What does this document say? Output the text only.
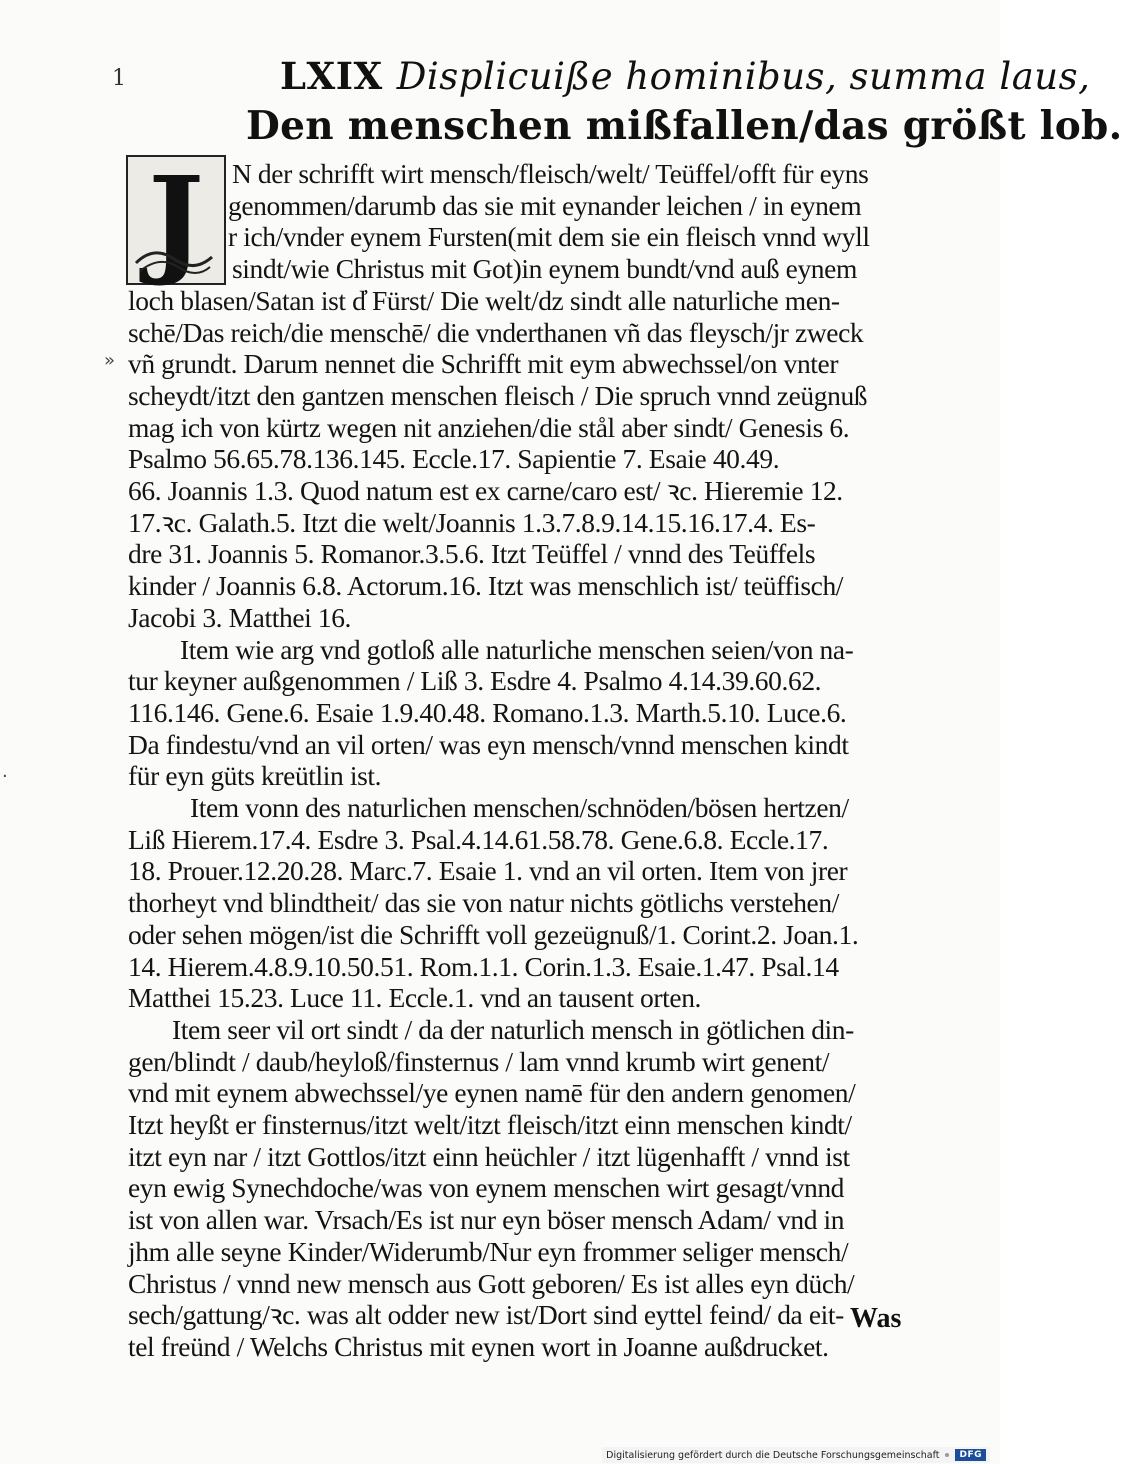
1	LXIX Displicuiße hominibus, summa laus,
Den menschen mißfallen/das größt lob.
J	N der schrifft wirt mensch/fleisch/welt/ Teüffel/offt für eyns
genommen/darumb das sie mit eynander leichen / in eynem
r ich/vnder eynem Fursten(mit dem sie ein fleisch vnnd wyll
sindt/wie Christus mit Got)in eynem bundt/vnd auß eynem
loch blasen/Satan ist d̓ Fürst/ Die welt/dz sindt alle naturliche men-
schē/Das reich/die menschē/ die vnderthanen vñ das fleysch/jr zweck
vñ grundt. Darum nennet die Schrifft mit eym abwechssel/on vnter
scheydt/itzt den gantzen menschen fleisch / Die spruch vnnd zeügnuß
mag ich von kürtz wegen nit anziehen/die stål aber sindt/ Genesis 6.
Psalmo 56.65.78.136.145. Eccle.17. Sapientie 7. Esaie 40.49.
66. Joannis 1.3. Quod natum est ex carne/caro est/ ꝛc. Hieremie 12.
17.ꝛc. Galath.5. Itzt die welt/Joannis 1.3.7.8.9.14.15.16.17.4. Es-
dre 31. Joannis 5. Romanor.3.5.6. Itzt Teüffel / vnnd des Teüffels
kinder / Joannis 6.8. Actorum.16. Itzt was menschlich ist/ teüffisch/
Jacobi 3. Matthei 16.
Item wie arg vnd gotloß alle naturliche menschen seien/von na-
tur keyner außgenommen / Liß 3. Esdre 4. Psalmo 4.14.39.60.62.
116.146. Gene.6. Esaie 1.9.40.48. Romano.1.3. Marth.5.10. Luce.6.
Da findestu/vnd an vil orten/ was eyn mensch/vnnd menschen kindt
für eyn güts kreütlin ist.
Item vonn des naturlichen menschen/schnöden/bösen hertzen/
Liß Hierem.17.4. Esdre 3. Psal.4.14.61.58.78. Gene.6.8. Eccle.17.
18. Prouer.12.20.28. Marc.7. Esaie 1. vnd an vil orten. Item von jrer
thorheyt vnd blindtheit/ das sie von natur nichts götlichs verstehen/
oder sehen mögen/ist die Schrifft voll gezeügnuß/1. Corint.2. Joan.1.
14. Hierem.4.8.9.10.50.51. Rom.1.1. Corin.1.3. Esaie.1.47. Psal.14
Matthei 15.23. Luce 11. Eccle.1. vnd an tausent orten.
Item seer vil ort sindt / da der naturlich mensch in götlichen din-
gen/blindt / daub/heyloß/finsternus / lam vnnd krumb wirt genent/
vnd mit eynem abwechssel/ye eynen namē für den andern genomen/
Itzt heyßt er finsternus/itzt welt/itzt fleisch/itzt einn menschen kindt/
itzt eyn nar / itzt Gottlos/itzt einn heüchler / itzt lügenhafft / vnnd ist
eyn ewig Synechdoche/was von eynem menschen wirt gesagt/vnnd
ist von allen war. Vrsach/Es ist nur eyn böser mensch Adam/ vnd in
jhm alle seyne Kinder/Widerumb/Nur eyn frommer seliger mensch/
Christus / vnnd new mensch aus Gott geboren/ Es ist alles eyn düch/
sech/gattung/ꝛc. was alt odder new ist/Dort sind eyttel feind/ da eit-
tel freünd / Welchs Christus mit eynen wort in Joanne außdrucket.
»
·
Was
Digitalisierung gefördert durch die Deutsche Forschungsgemeinschaft	DFG
